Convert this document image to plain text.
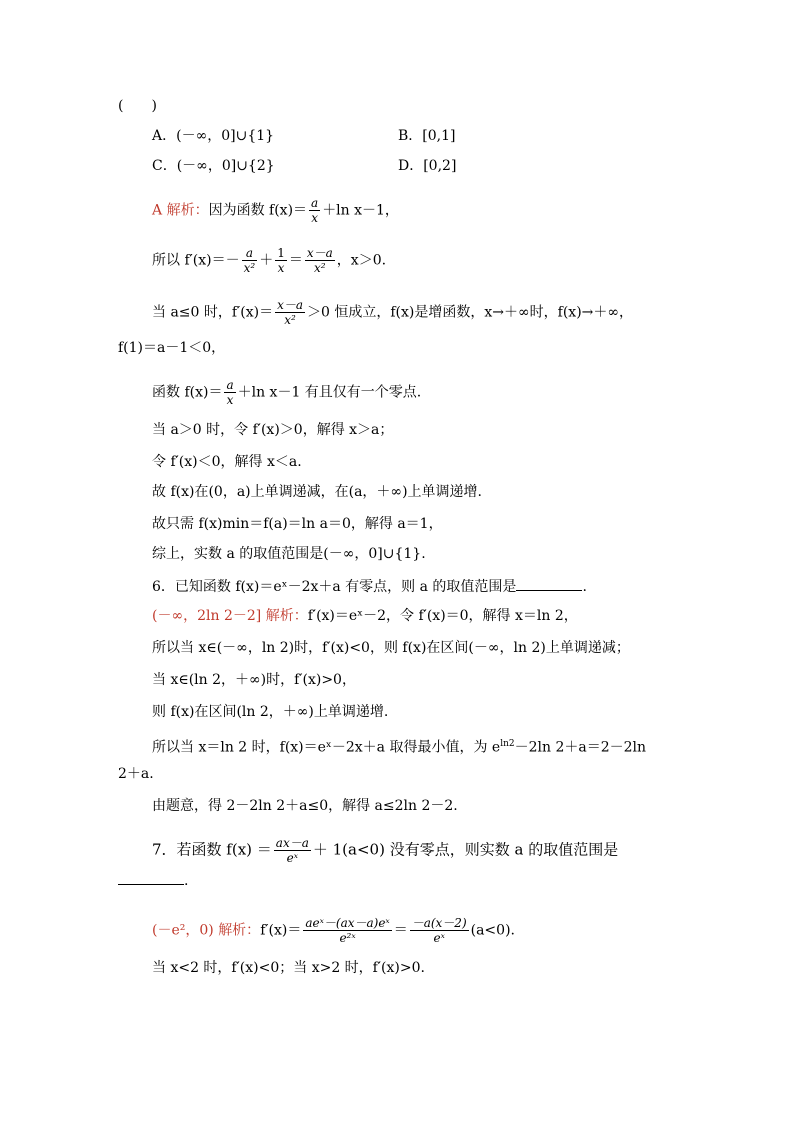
(　　)
A．(－∞，0]∪{1}	B．[0,1]
C．(－∞，0]∪{2}	D．[0,2]
A 解析：因为函数 $f(x)= \frac{a}{x} +\ln$ x－1，
所以 $f'(x)=- \frac{a}{\text{x²}} + \frac{1}{x} = \frac{x-a}{\text{x²}}$ ，x＞0.
当 a≤0 时，$f'(x)= \frac{x-a}{\text{x²}} >0$ 恒成立，f(x)是增函数，x→＋∞时，f(x)→＋∞，
f(1)＝a－1＜0，
函数 $f(x)= \frac{a}{x} +\ln$ x－1 有且仅有一个零点.
当 a＞0 时，令 f′(x)＞0，解得 x＞a；
令 f′(x)＜0，解得 x＜a.
故 f(x)在(0，a)上单调递减，在(a，＋∞)上单调递增.
故只需 f(x)min＝f(a)＝ln a＝0，解得 a＝1，
综上，实数 a 的取值范围是(－∞，0]∪{1}.
6．已知函数 f(x)＝eˣ－2x＋a 有零点，则 a 的取值范围是	.
(－∞，2ln 2－2] 解析：f′(x)＝eˣ－2，令 f′(x)＝0，解得 x＝ln 2，
所以当 x∈(－∞，ln 2)时，f′(x)<0，则 f(x)在区间(－∞，ln 2)上单调递减；
当 x∈(ln 2，＋∞)时，f′(x)>0，
则 f(x)在区间(ln 2，＋∞)上单调递增.
所以当 x＝ln 2 时，f(x)＝eˣ－2x＋a 取得最小值，为 $e^{ln2}-2\ln$ 2＋a＝2－2ln
2＋a.
由题意，得 2－2ln 2＋a≤0，解得 a≤2ln 2－2.
7．若函数 $f(x) = \frac{ax-a}{\text{eˣ}} + 1(a<0)$ 没有零点，则实数 a 的取值范围是
.
(－e²，0) 解析：$f'(x)= \frac{\text{aeˣ－(ax－a)eˣ}}{\text{e²ˣ}} = \frac{-a(x-2)}{\text{eˣ}} (a<0)$.
当 x<2 时，f′(x)<0；当 x>2 时，f′(x)>0.
